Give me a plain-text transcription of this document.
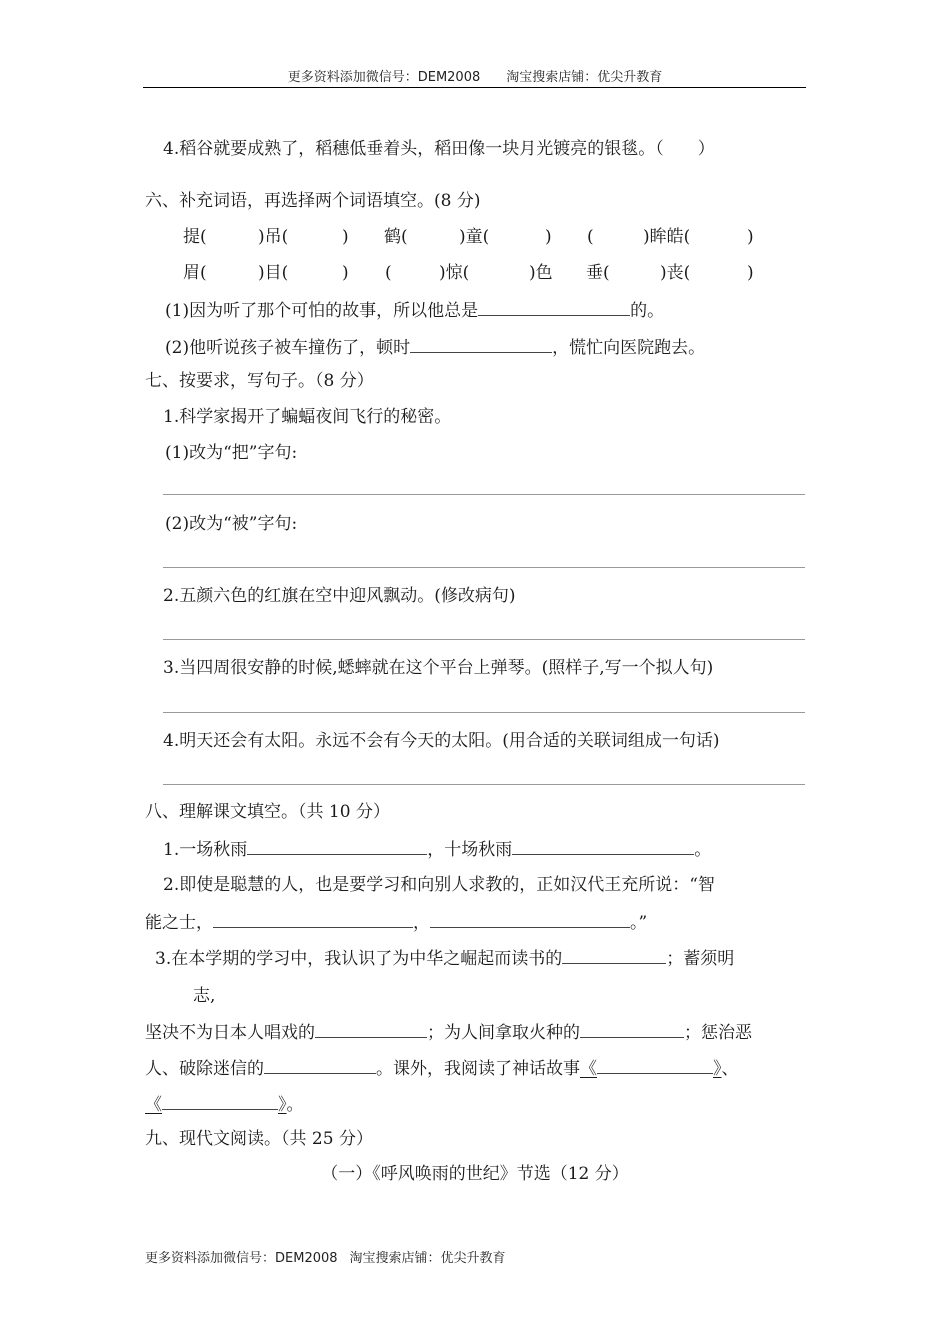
更多资料添加微信号：DEM2008 淘宝搜索店铺：优尖升教育
4.稻谷就要成熟了，稻穗低垂着头，稻田像一块月光镀亮的银毯。（　　）
六、补充词语，再选择两个词语填空。(8 分)
提(	)吊(	) 鹤(	)童(	) (	)眸皓(	)
眉(	)目(	) (	)惊(	)色 垂(	)丧(	)
(1)因为听了那个可怕的故事，所以他总是	的。
(2)他听说孩子被车撞伤了，顿时	，慌忙向医院跑去。
七、按要求，写句子。（8 分）
1.科学家揭开了蝙蝠夜间飞行的秘密。
(1)改为“把”字句:
(2)改为“被”字句:
2.五颜六色的红旗在空中迎风飘动。(修改病句)
3.当四周很安静的时候,蟋蟀就在这个平台上弹琴。(照样子,写一个拟人句)
4.明天还会有太阳。永远不会有今天的太阳。(用合适的关联词组成一句话)
八、理解课文填空。（共 10 分）
1.一场秋雨	，十场秋雨	。
2.即使是聪慧的人，也是要学习和向别人求教的，正如汉代王充所说：“智
能之士，	，	。”
3.在本学期的学习中，我认识了为中华之崛起而读书的	；蓄须明
志,
坚决不为日本人唱戏的	；为人间拿取火种的	；惩治恶
人、破除迷信的	。课外，我阅读了神话故事《	》、
《	》。
九、现代文阅读。（共 25 分）
（一）《呼风唤雨的世纪》节选（12 分）
更多资料添加微信号：DEM2008 淘宝搜索店铺：优尖升教育
